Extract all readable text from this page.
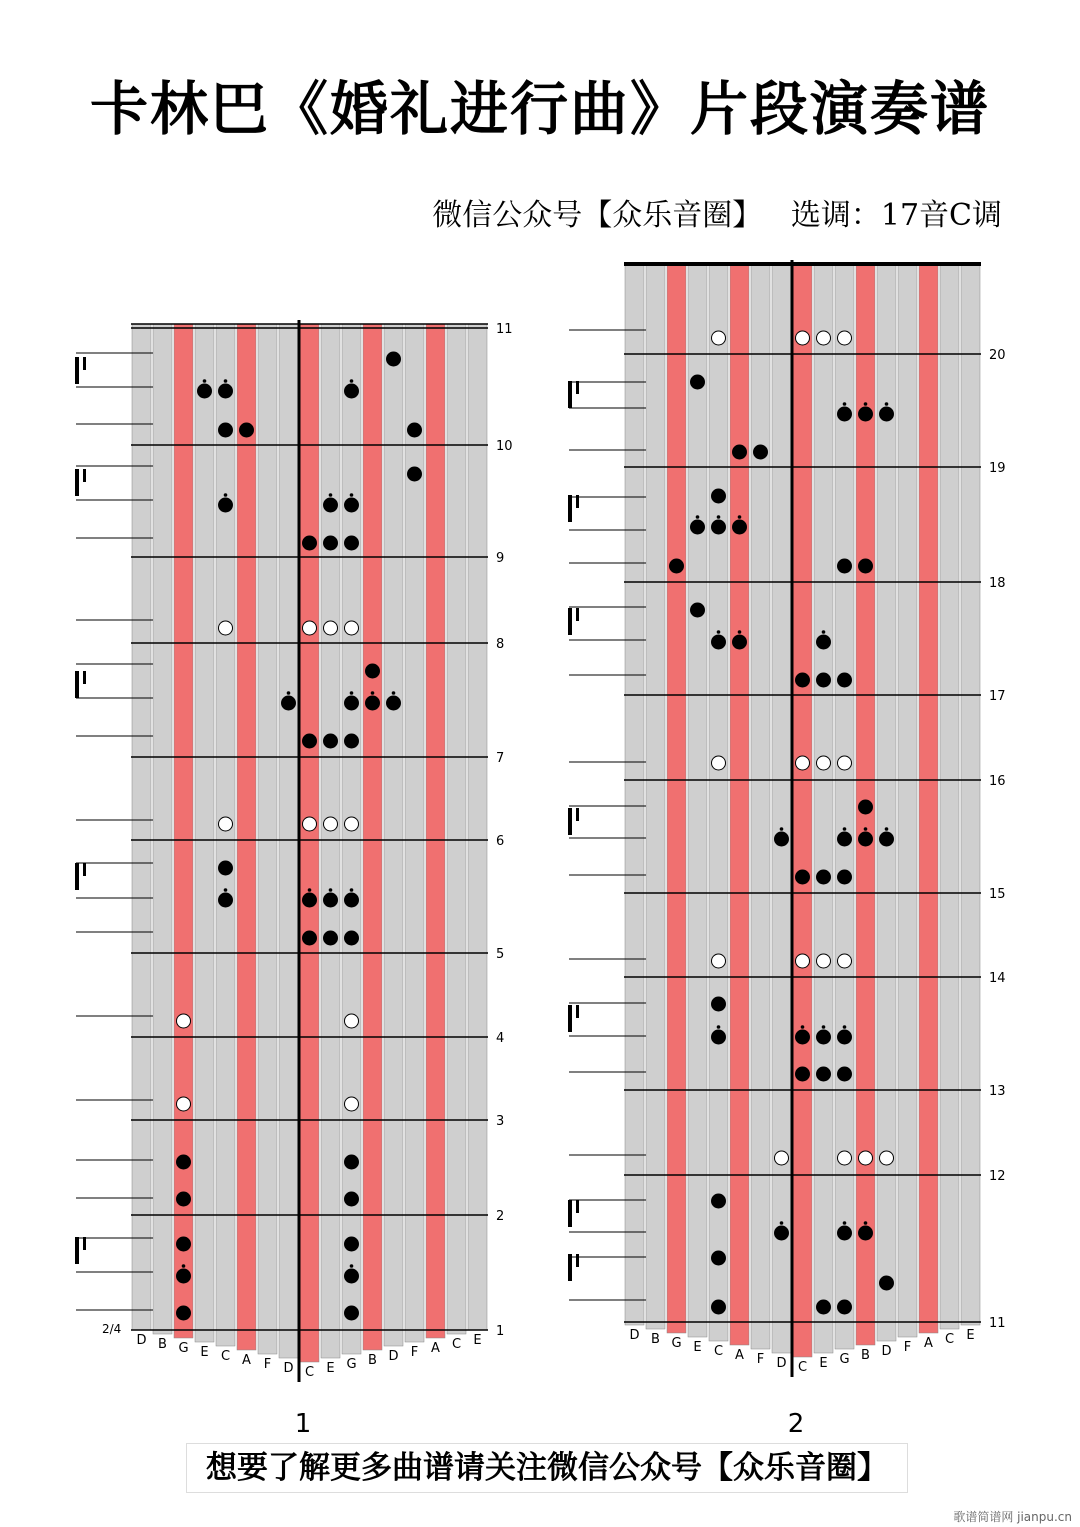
卡林巴《婚礼进行曲》片段演奏谱
微信公众号【众乐音圈】   选调：17音C调
D B G E C A F D C E G B D F A C E
1
2
3
4
5
6
7
8
9
10
11
1
D B G E C A F D C E G B D F A C E
11
12
13
14
15
16
17
18
19
20
2
2/4
想要了解更多曲谱请关注微信公众号【众乐音圈】
歌谱简谱网 jianpu.cn
